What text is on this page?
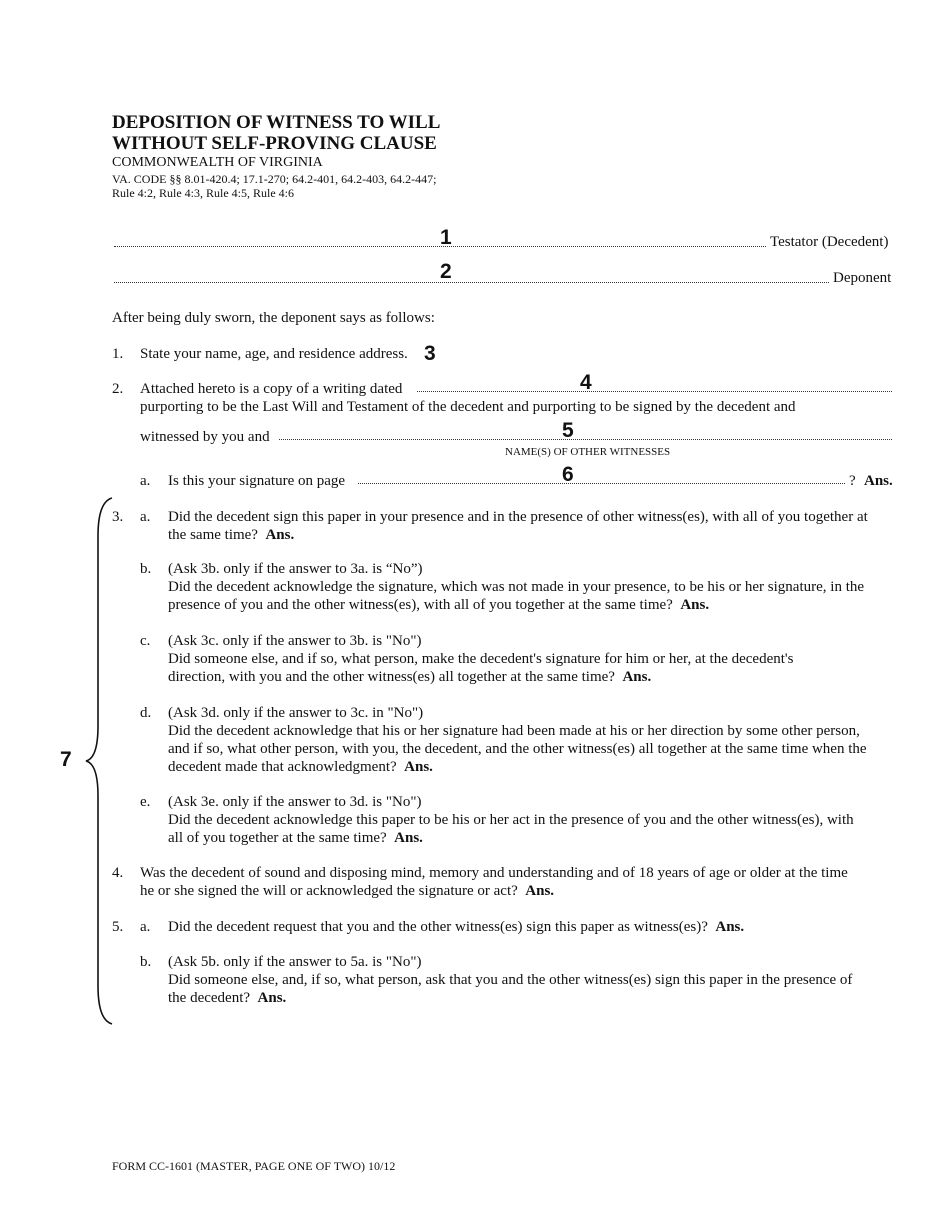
DEPOSITION OF WITNESS TO WILL
WITHOUT SELF-PROVING CLAUSE
COMMONWEALTH OF VIRGINIA
VA. CODE §§ 8.01-420.4; 17.1-270; 64.2-401, 64.2-403, 64.2-447;
Rule 4:2, Rule 4:3, Rule 4:5, Rule 4:6
1	Testator (Decedent)
2	Deponent
After being duly sworn, the deponent says as follows:
1. State your name, age, and residence address. 3
2. Attached hereto is a copy of a writing dated	4
purporting to be the Last Will and Testament of the decedent and purporting to be signed by the decedent and
witnessed by you and	5
NAME(S) OF OTHER WITNESSES
a. Is this your signature on page	6	? Ans.
7
3. a. Did the decedent sign this paper in your presence and in the presence of other witness(es), with all of you together at
the same time? Ans.
b. (Ask 3b. only if the answer to 3a. is “No”)
Did the decedent acknowledge the signature, which was not made in your presence, to be his or her signature, in the
presence of you and the other witness(es), with all of you together at the same time? Ans.
c. (Ask 3c. only if the answer to 3b. is "No")
Did someone else, and if so, what person, make the decedent's signature for him or her, at the decedent's
direction, with you and the other witness(es) all together at the same time? Ans.
d. (Ask 3d. only if the answer to 3c. in "No")
Did the decedent acknowledge that his or her signature had been made at his or her direction by some other person,
and if so, what other person, with you, the decedent, and the other witness(es) all together at the same time when the
decedent made that acknowledgment? Ans.
e. (Ask 3e. only if the answer to 3d. is "No")
Did the decedent acknowledge this paper to be his or her act in the presence of you and the other witness(es), with
all of you together at the same time? Ans.
4. Was the decedent of sound and disposing mind, memory and understanding and of 18 years of age or older at the time
he or she signed the will or acknowledged the signature or act? Ans.
5. a. Did the decedent request that you and the other witness(es) sign this paper as witness(es)? Ans.
b. (Ask 5b. only if the answer to 5a. is "No")
Did someone else, and, if so, what person, ask that you and the other witness(es) sign this paper in the presence of
the decedent? Ans.
FORM CC-1601 (MASTER, PAGE ONE OF TWO) 10/12
